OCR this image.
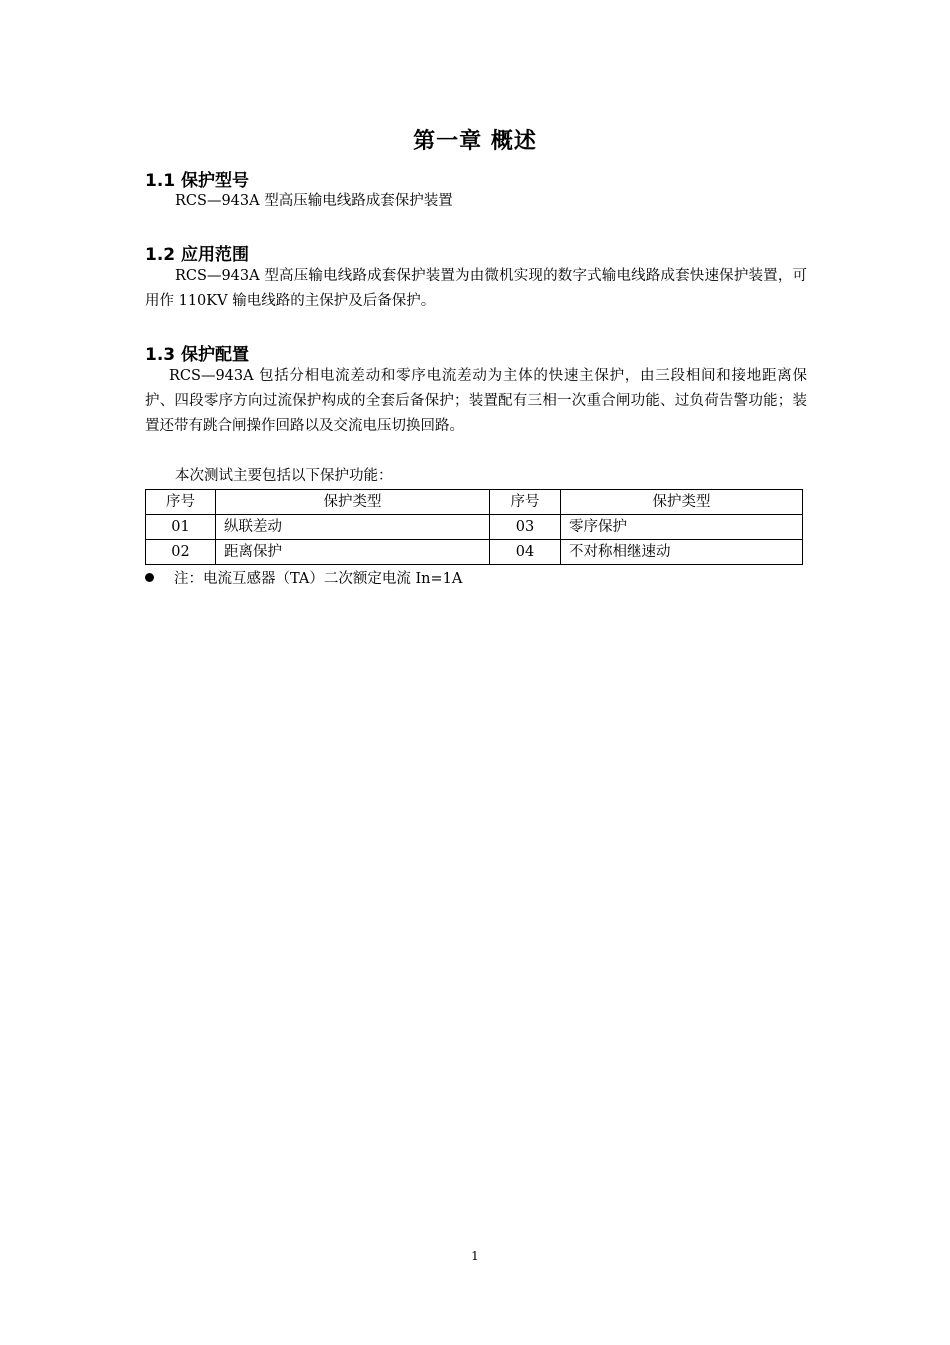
第一章 概述
1.1 保护型号
RCS—943A 型高压输电线路成套保护装置
1.2 应用范围
RCS—943A 型高压输电线路成套保护装置为由微机实现的数字式输电线路成套快速保护装置，可用作 110KV 输电线路的主保护及后备保护。
1.3 保护配置
RCS—943A 包括分相电流差动和零序电流差动为主体的快速主保护，由三段相间和接地距离保护、四段零序方向过流保护构成的全套后备保护；装置配有三相一次重合闸功能、过负荷告警功能；装置还带有跳合闸操作回路以及交流电压切换回路。
本次测试主要包括以下保护功能：
序号	保护类型	序号	保护类型
01	纵联差动	03	零序保护
02	距离保护	04	不对称相继速动
注：电流互感器（TA）二次额定电流 In=1A
1
